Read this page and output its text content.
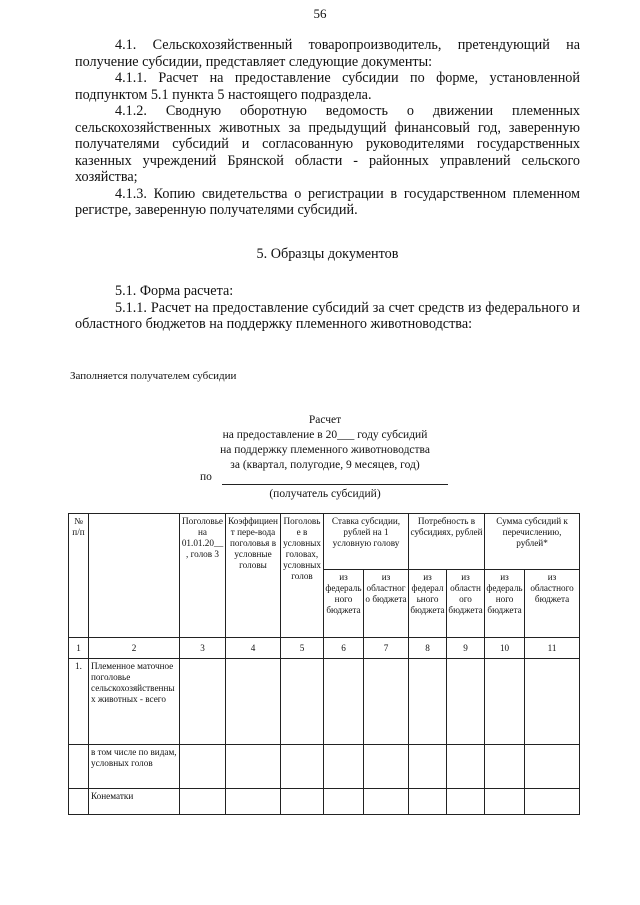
56

4.1. Сельскохозяйственный товаропроизводитель, претендующий на получение субсидии, представляет следующие документы:

4.1.1. Расчет на предоставление субсидии по форме, установленной подпунктом 5.1 пункта 5 настоящего подраздела.

4.1.2. Сводную оборотную ведомость о движении племенных сельскохозяйственных животных за предыдущий финансовый год, заверенную получателями субсидий и согласованную руководителями государственных казенных учреждений Брянской области - районных управлений сельского хозяйства;

4.1.3. Копию свидетельства о регистрации в государственном племенном регистре, заверенную получателями субсидий.

5. Образцы документов

5.1. Форма расчета:

5.1.1. Расчет на предоставление субсидий за счет средств из федерального и областного бюджетов на поддержку племенного животноводства:

Заполняется получателем субсидии
Расчет
на предоставление в 20___ году субсидий
на поддержку племенного животноводства
за (квартал, полугодие, 9 месяцев, год)
по
(получатель субсидий)
№ п/п		Поголовье на 01.01.20__, голов 3	Коэффициент пере-вода поголовья в условные головы	Поголовье в условных головах, условных голов	Ставка субсидии, рублей на 1 условную голову		Потребность в субсидиях, рублей		Сумма субсидий к перечислению, рублей*	
					из федерального бюджета	из областного бюджета	из федерального бюджета	из областного бюджета	из федерального бюджета	из областного бюджета
1	2	3	4	5	6	7	8	9	10	11
1.	Племенное маточное поголовье сельскохозяйственных животных - всего									
	в том числе по видам, условных голов									
	Конематки									
